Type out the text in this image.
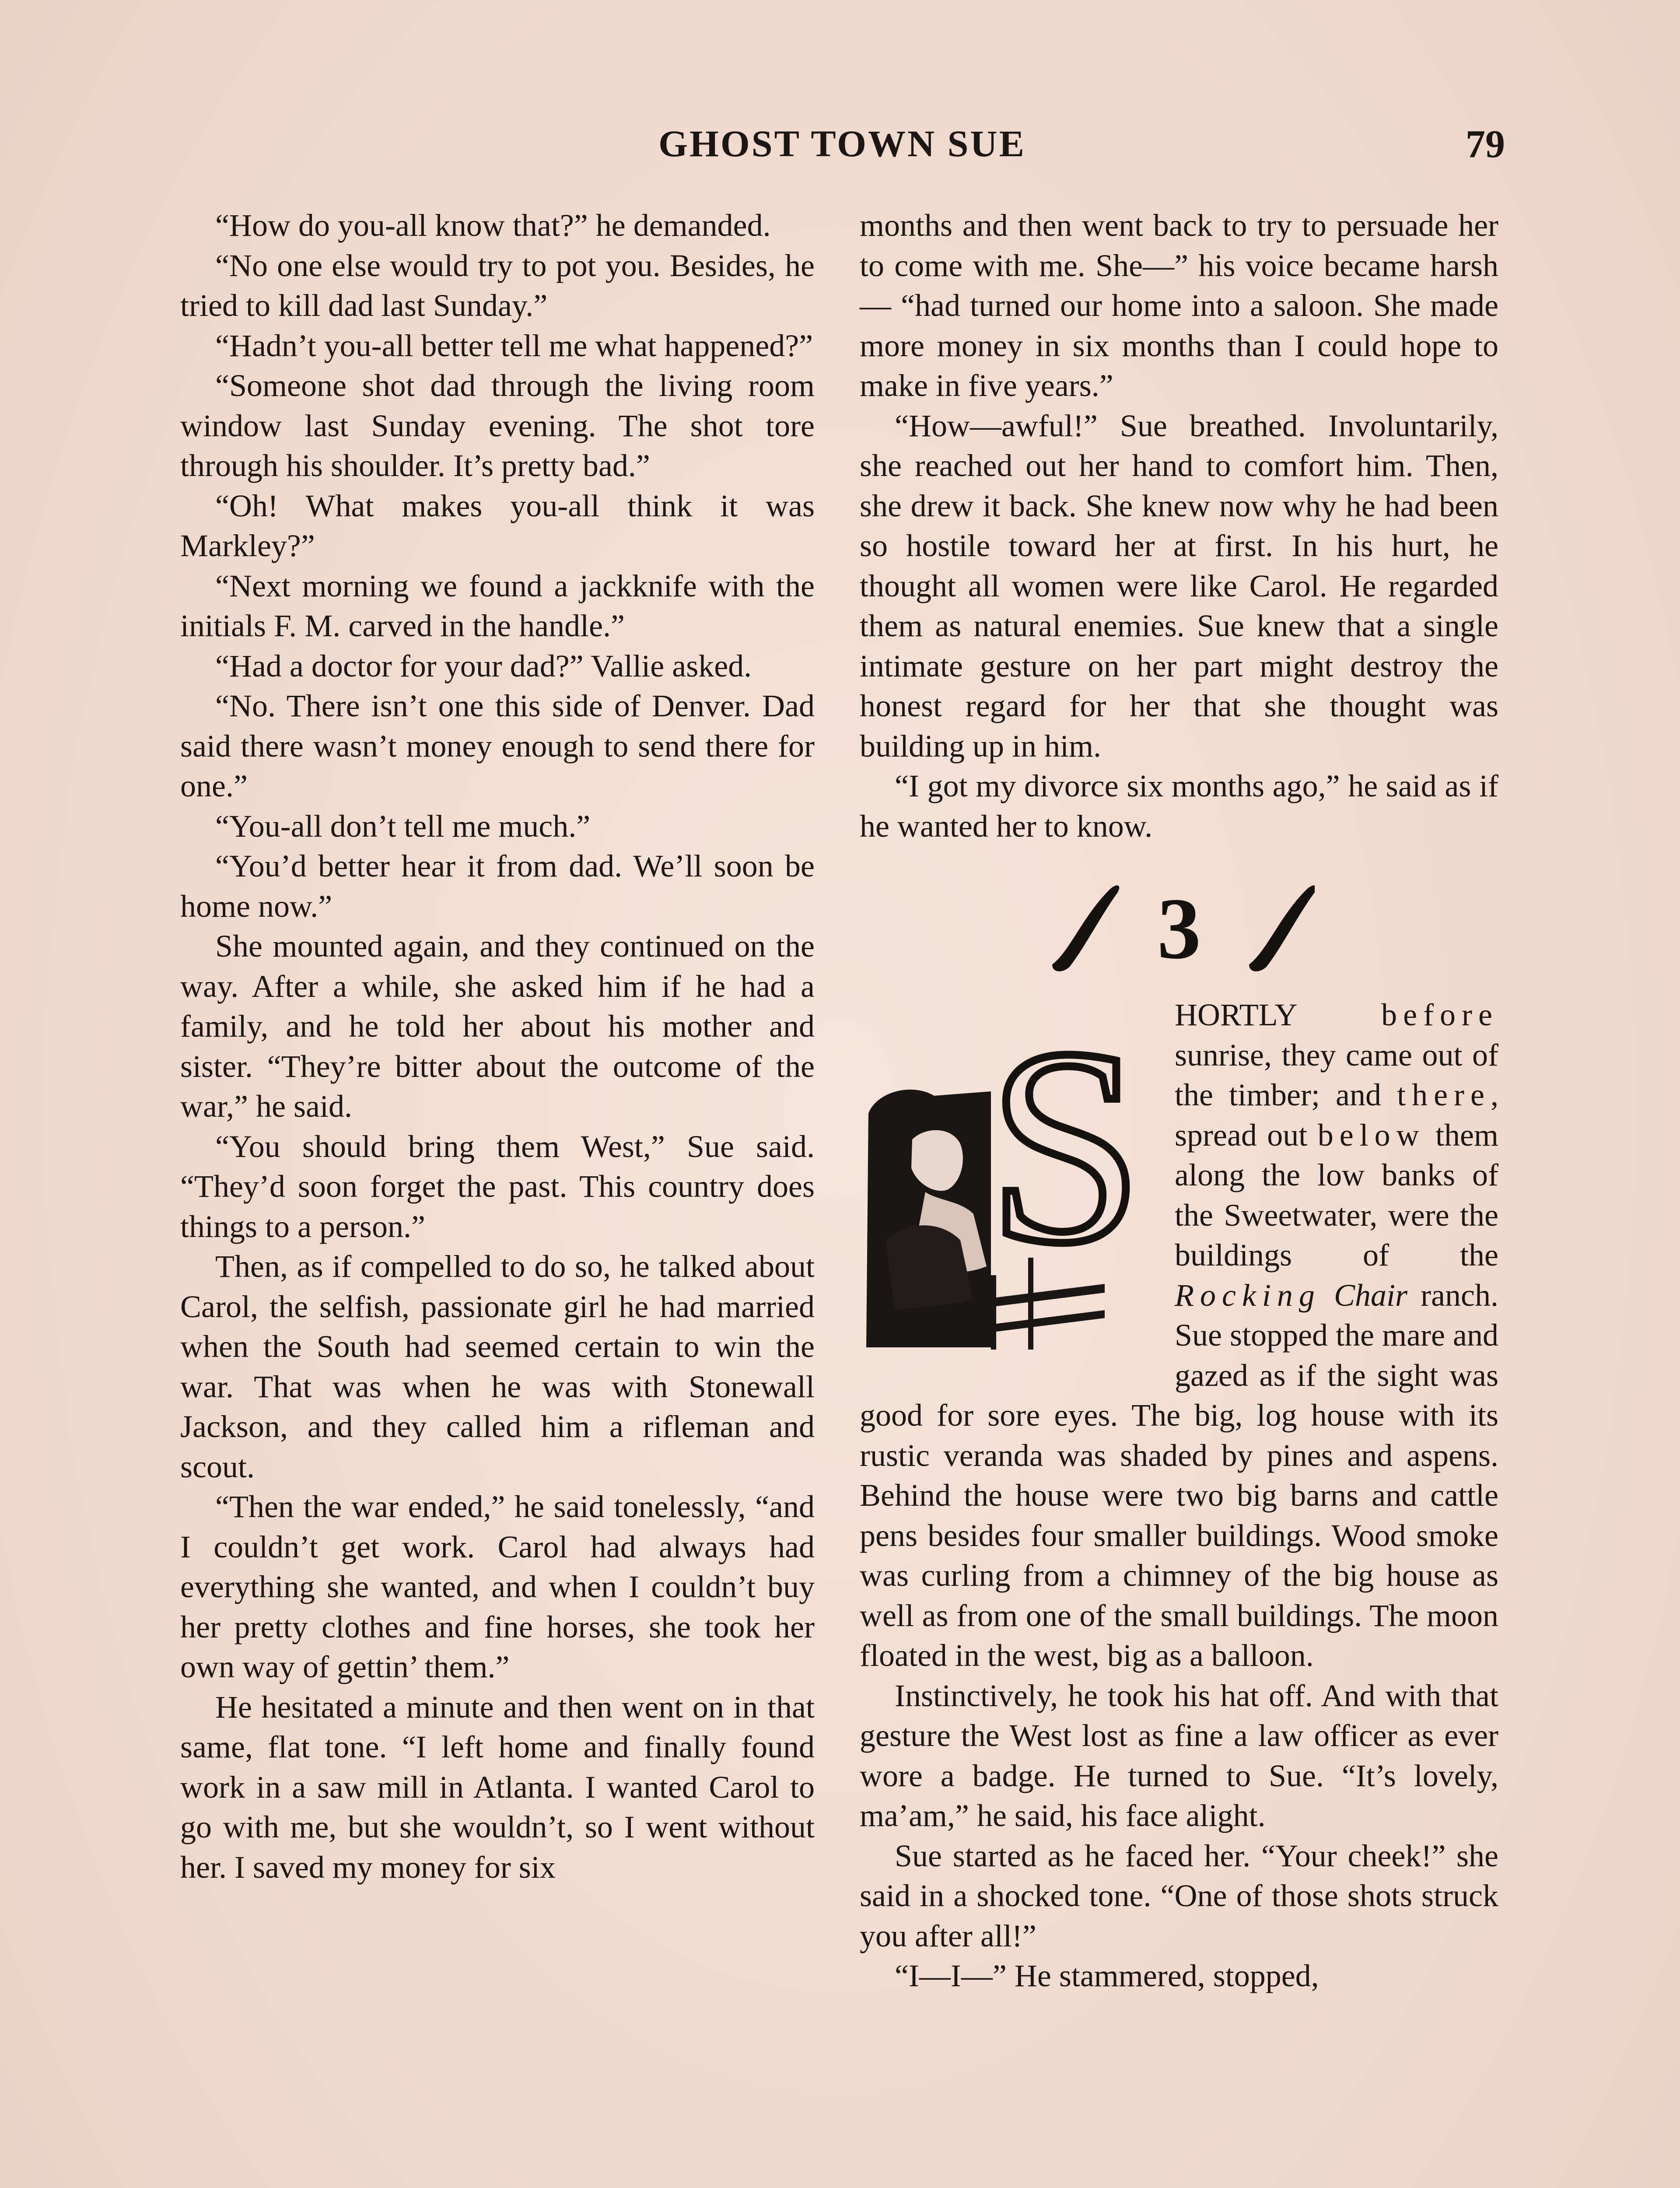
GHOST TOWN SUE	79

“How do you-all know that?” he demanded.

“No one else would try to pot you. Besides, he tried to kill dad last Sunday.”

“Hadn’t you-all better tell me what happened?”

“Someone shot dad through the living room window last Sunday evening. The shot tore through his shoulder. It’s pretty bad.”

“Oh! What makes you-all think it was Markley?”

“Next morning we found a jackknife with the initials F. M. carved in the handle.”

“Had a doctor for your dad?” Vallie asked.

“No. There isn’t one this side of Denver. Dad said there wasn’t money enough to send there for one.”

“You-all don’t tell me much.”

“You’d better hear it from dad. We’ll soon be home now.”

She mounted again, and they continued on the way. After a while, she asked him if he had a family, and he told her about his mother and sister. “They’re bitter about the outcome of the war,” he said.

“You should bring them West,” Sue said. “They’d soon forget the past. This country does things to a person.”

Then, as if compelled to do so, he talked about Carol, the selfish, passionate girl he had married when the South had seemed certain to win the war. That was when he was with Stonewall Jackson, and they called him a rifleman and scout.

“Then the war ended,” he said tonelessly, “and I couldn’t get work. Carol had always had everything she wanted, and when I couldn’t buy her pretty clothes and fine horses, she took her own way of gettin’ them.”

He hesitated a minute and then went on in that same, flat tone. “I left home and finally found work in a saw mill in Atlanta. I wanted Carol to go with me, but she wouldn’t, so I went without her. I saved my money for six

months and then went back to try to persuade her to come with me. She—” his voice became harsh— “had turned our home into a saloon. She made more money in six months than I could hope to make in five years.”

“How—awful!” Sue breathed. Involuntarily, she reached out her hand to comfort him. Then, she drew it back. She knew now why he had been so hostile toward her at first. In his hurt, he thought all women were like Carol. He regarded them as natural enemies. Sue knew that a single intimate gesture on her part might destroy the honest regard for her that she thought was building up in him.

“I got my divorce six months ago,” he said as if he wanted her to know.

3
S	HORTLY	before sunrise, they came out of the timber; and there, spread out below them along the low banks of the Sweetwater, were the buildings of the Rocking Chair ranch. Sue stopped the mare and gazed as if the sight was good for sore eyes. The big, log house with its rustic veranda was shaded by pines and aspens. Behind the house were two big barns and cattle pens besides four smaller buildings. Wood smoke was curling from a chimney of the big house as well as from one of the small buildings. The moon floated in the west, big as a balloon.

Instinctively, he took his hat off. And with that gesture the West lost as fine a law officer as ever wore a badge. He turned to Sue. “It’s lovely, ma’am,” he said, his face alight.

Sue started as he faced her. “Your cheek!” she said in a shocked tone. “One of those shots struck you after all!”

“I—I—” He stammered, stopped,
